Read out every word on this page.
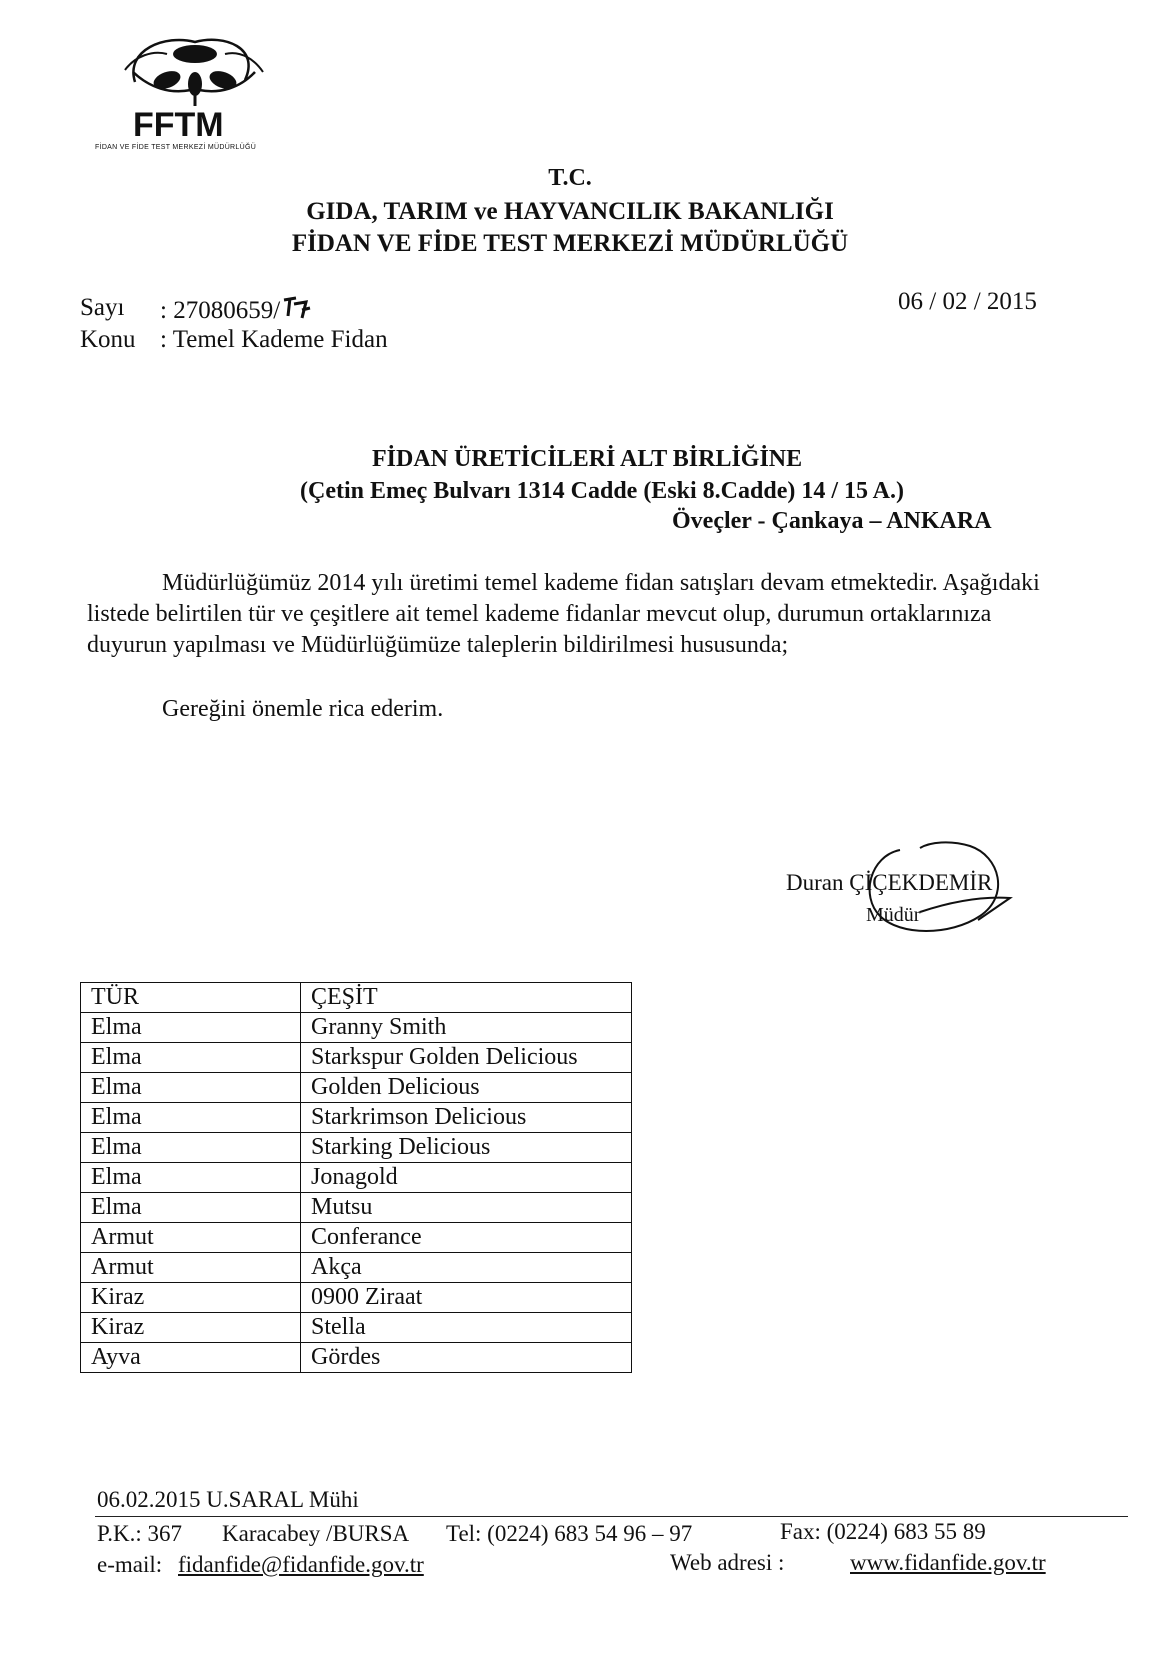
FFTM
FİDAN VE FİDE TEST MERKEZİ MÜDÜRLÜĞÜ
T.C.
GIDA, TARIM ve HAYVANCILIK BAKANLIĞI
FİDAN VE FİDE TEST MERKEZİ MÜDÜRLÜĞÜ
Sayı : 27080659/
Konu : Temel Kademe Fidan
06 / 02 / 2015
FİDAN ÜRETİCİLERİ ALT BİRLİĞİNE
(Çetin Emeç Bulvarı 1314 Cadde (Eski 8.Cadde) 14 / 15 A.)
Öveçler - Çankaya – ANKARA
Müdürlüğümüz 2014 yılı üretimi temel kademe fidan satışları devam etmektedir. Aşağıdaki
listede belirtilen tür ve çeşitlere ait temel kademe fidanlar mevcut olup, durumun ortaklarınıza
duyurun yapılması ve Müdürlüğümüze taleplerin bildirilmesi hususunda;
Gereğini önemle rica ederim.
Duran ÇİÇEKDEMİR
Müdür
TÜR	ÇEŞİT
Elma	Granny Smith
Elma	Starkspur Golden Delicious
Elma	Golden Delicious
Elma	Starkrimson Delicious
Elma	Starking Delicious
Elma	Jonagold
Elma	Mutsu
Armut	Conferance
Armut	Akça
Kiraz	0900 Ziraat
Kiraz	Stella
Ayva	Gördes
06.02.2015 U.SARAL Mühi
P.K.: 367 Karacabey /BURSA Tel: (0224) 683 54 96 – 97	Fax: (0224) 683 55 89
e-mail: fidanfide@fidanfide.gov.tr	Web adresi :	www.fidanfide.gov.tr
